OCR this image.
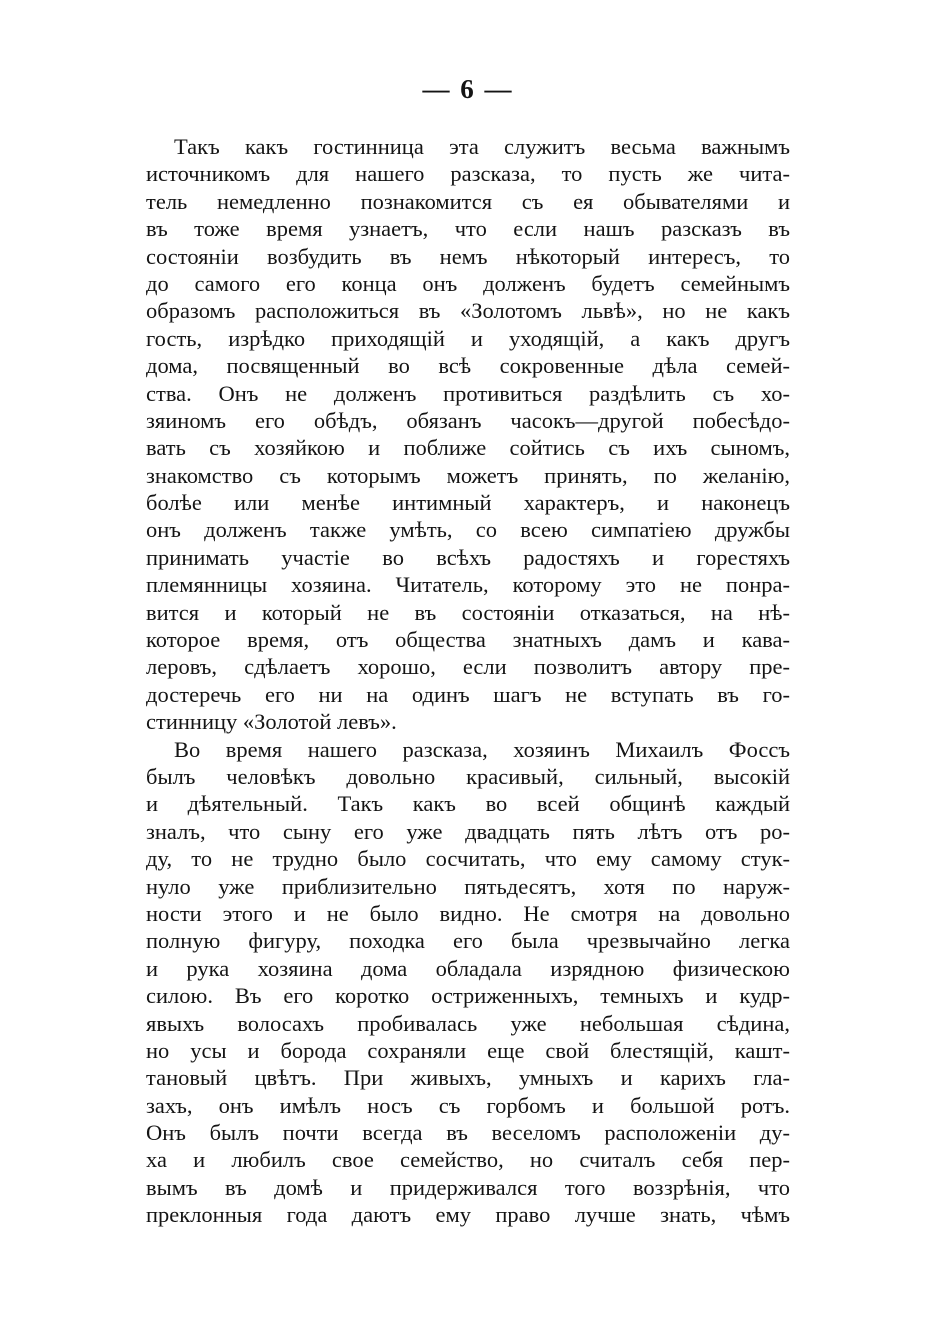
— 6 —
Такъ какъ гостинница эта служитъ весьма важнымъ
источникомъ для нашего разсказа, то пусть же чита-
тель немедленно познакомится съ ея обывателями и
въ тоже время узнаетъ, что если нашъ разсказъ въ
состояніи возбудить въ немъ нѣкоторый интересъ, то
до самого его конца онъ долженъ будетъ семейнымъ
образомъ расположиться въ «Золотомъ львѣ», но не какъ
гость, изрѣдко приходящій и уходящій, а какъ другъ
дома, посвященный во всѣ сокровенные дѣла семей-
ства. Онъ не долженъ противиться раздѣлить съ хо-
зяиномъ его обѣдъ, обязанъ часокъ—другой побесѣдо-
вать съ хозяйкою и поближе сойтись съ ихъ сыномъ,
знакомство съ которымъ можетъ принять, по желанію,
болѣе или менѣе интимный характеръ, и наконецъ
онъ долженъ также умѣть, со всею симпатіею дружбы
принимать участіе во всѣхъ радостяхъ и горестяхъ
племянницы хозяина. Читатель, которому это не понра-
вится и который не въ состояніи отказаться, на нѣ-
которое время, отъ общества знатныхъ дамъ и кава-
леровъ, сдѣлаетъ хорошо, если позволитъ автору пре-
достеречь его ни на одинъ шагъ не вступать въ го-
стинницу «Золотой левъ».
Во время нашего разсказа, хозяинъ Михаилъ Фоссъ
былъ человѣкъ довольно красивый, сильный, высокій
и дѣятельный. Такъ какъ во всей общинѣ каждый
зналъ, что сыну его уже двадцать пять лѣтъ отъ ро-
ду, то не трудно было сосчитать, что ему самому стук-
нуло уже приблизительно пятьдесятъ, хотя по наруж-
ности этого и не было видно. Не смотря на довольно
полную фигуру, походка его была чрезвычайно легка
и рука хозяина дома обладала изрядною физическою
силою. Въ его коротко остриженныхъ, темныхъ и кудр-
явыхъ волосахъ пробивалась уже небольшая сѣдина,
но усы и борода сохраняли еще свой блестящій, кашт-
тановый цвѣтъ. При живыхъ, умныхъ и карихъ гла-
захъ, онъ имѣлъ носъ съ горбомъ и большой ротъ.
Онъ былъ почти всегда въ веселомъ расположеніи ду-
ха и любилъ свое семейство, но считалъ себя пер-
вымъ въ домѣ и придерживался того воззрѣнія, что
преклонныя года даютъ ему право лучше знать, чѣмъ
